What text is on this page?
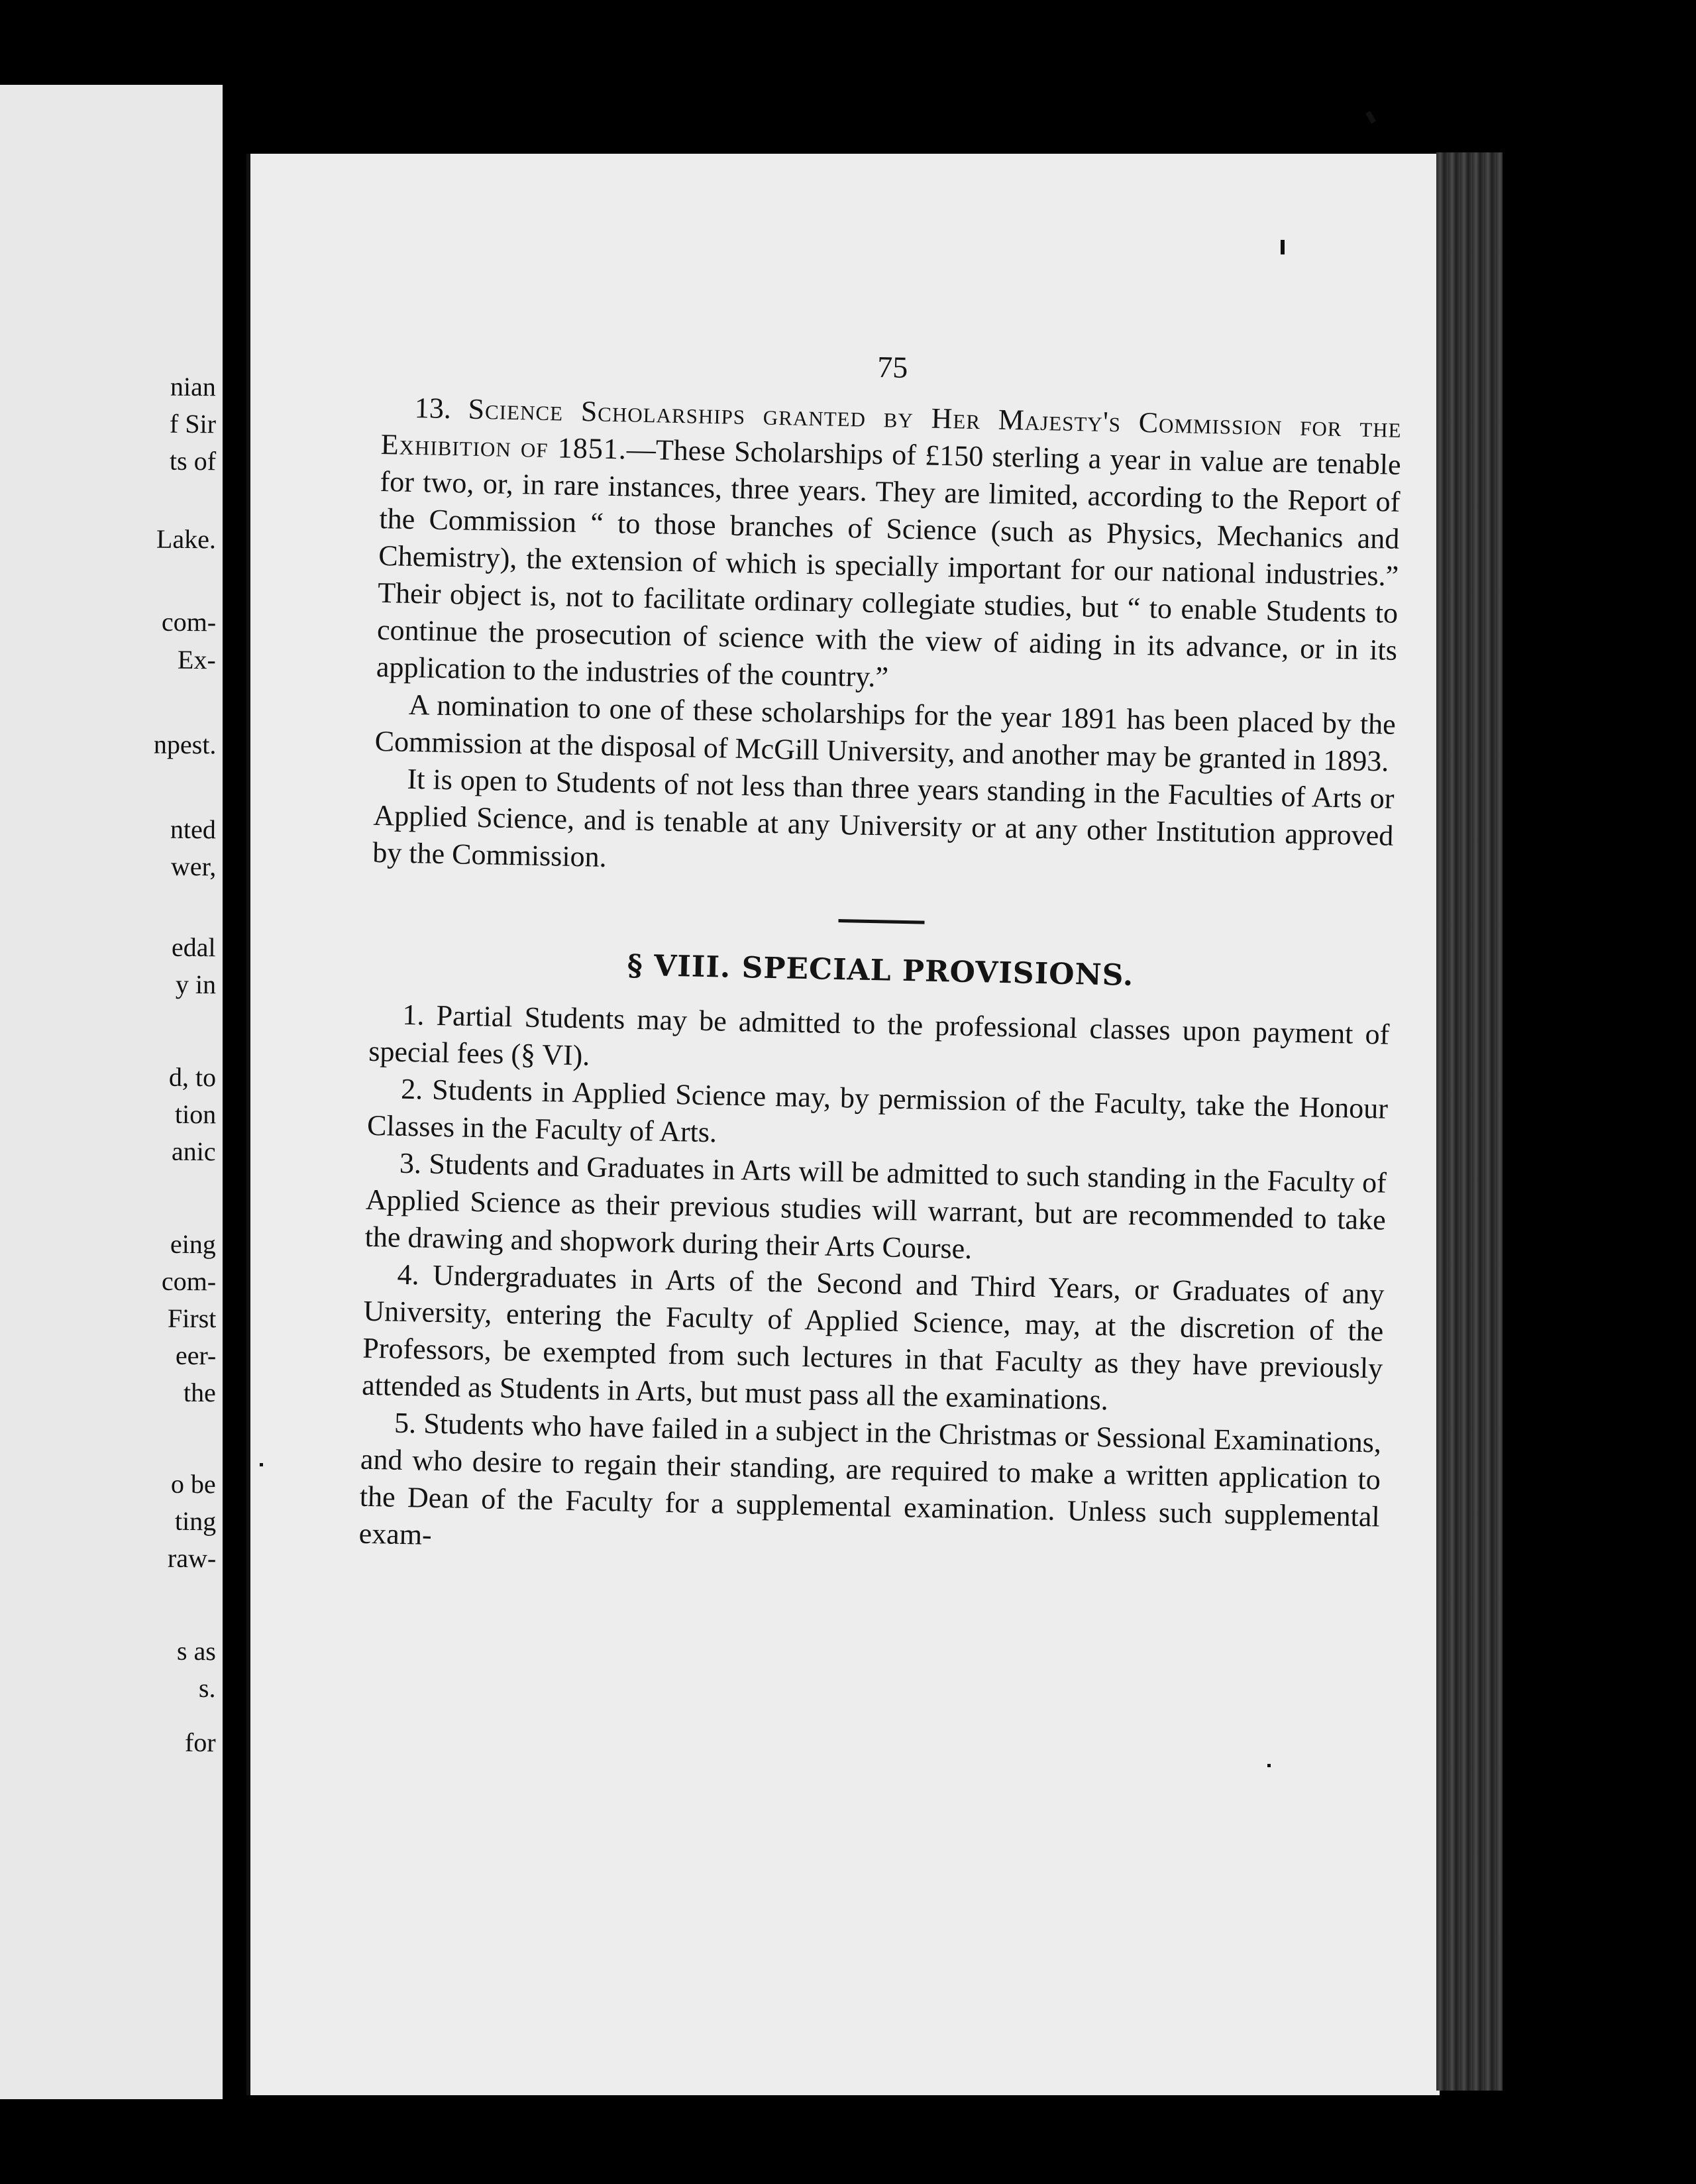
nian
f Sir
ts of
Lake.
com-
Ex-
npest.
nted
wer,
edal
y in
d, to
tion
anic
eing
com-
First
eer-
the
o be
ting
raw-
s as
s.
for
75

13. Science Scholarships granted by Her Majesty's Commission for the Exhibition of 1851.—These Scholarships of £150 sterling a year in value are tenable for two, or, in rare instances, three years. They are limited, according to the Report of the Commission “ to those branches of Science (such as Physics, Mechanics and Chemistry), the extension of which is specially important for our national industries.” Their object is, not to facilitate ordinary collegiate studies, but “ to enable Students to continue the prosecution of science with the view of aiding in its advance, or in its application to the industries of the country.”

A nomination to one of these scholarships for the year 1891 has been placed by the Commission at the disposal of McGill University, and another may be granted in 1893.

It is open to Students of not less than three years standing in the Faculties of Arts or Applied Science, and is tenable at any University or at any other Institution approved by the Commission.

§ VIII. SPECIAL PROVISIONS.

1. Partial Students may be admitted to the professional classes upon payment of special fees (§ VI).

2. Students in Applied Science may, by permission of the Faculty, take the Honour Classes in the Faculty of Arts.

3. Students and Graduates in Arts will be admitted to such standing in the Faculty of Applied Science as their previous studies will warrant, but are recommended to take the drawing and shopwork during their Arts Course.

4. Undergraduates in Arts of the Second and Third Years, or Graduates of any University, entering the Faculty of Applied Science, may, at the discretion of the Professors, be exempted from such lectures in that Faculty as they have previously attended as Students in Arts, but must pass all the examinations.

5. Students who have failed in a subject in the Christmas or Sessional Examinations, and who desire to regain their standing, are required to make a written application to the Dean of the Faculty for a supplemental examination. Unless such supplemental exam-
